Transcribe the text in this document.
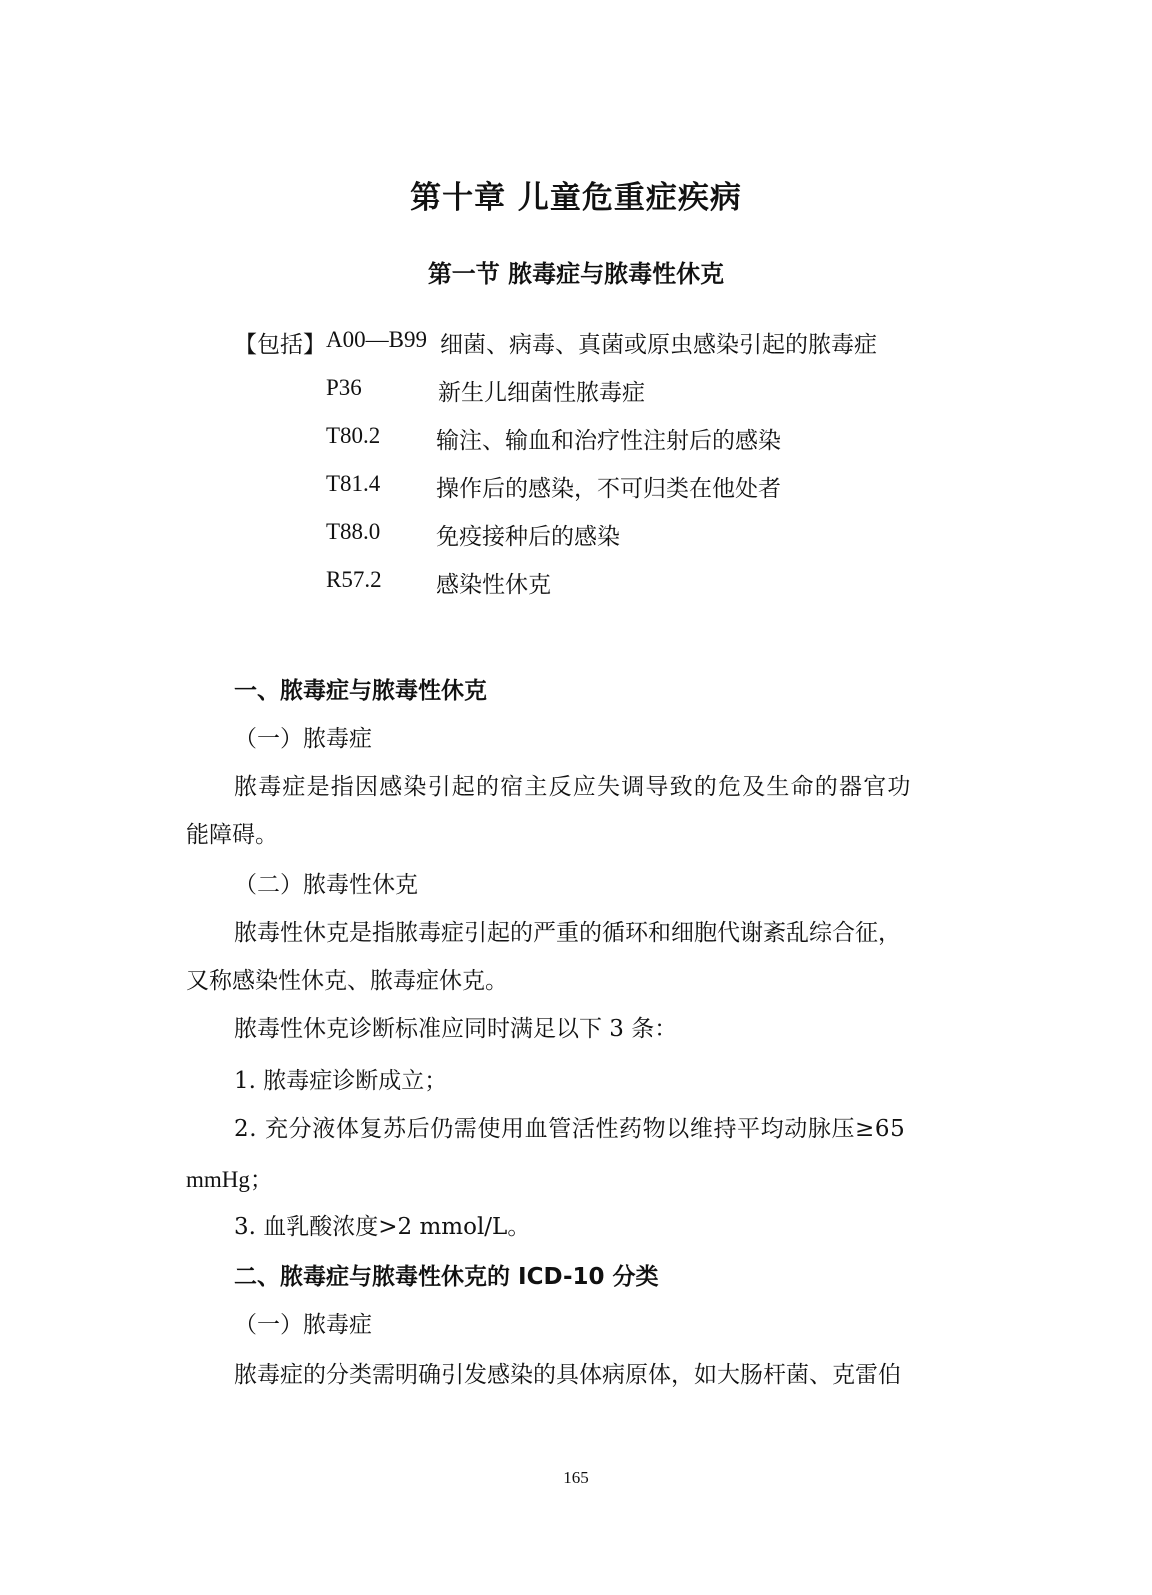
第十章 儿童危重症疾病
第一节 脓毒症与脓毒性休克
【包括】 A00—B99 细菌、病毒、真菌或原虫感染引起的脓毒症
P36	新生儿细菌性脓毒症
T80.2 输注、输血和治疗性注射后的感染
T81.4 操作后的感染，不可归类在他处者
T88.0 免疫接种后的感染
R57.2 感染性休克
一、脓毒症与脓毒性休克
（一）脓毒症
脓毒症是指因感染引起的宿主反应失调导致的危及生命的器官功
能障碍。
（二）脓毒性休克
脓毒性休克是指脓毒症引起的严重的循环和细胞代谢紊乱综合征，
又称感染性休克、脓毒症休克。
脓毒性休克诊断标准应同时满足以下 3 条：
1. 脓毒症诊断成立；
2. 充分液体复苏后仍需使用血管活性药物以维持平均动脉压≥65
mmHg；
3. 血乳酸浓度>2 mmol/L。
二、脓毒症与脓毒性休克的 ICD-10 分类
（一）脓毒症
脓毒症的分类需明确引发感染的具体病原体，如大肠杆菌、克雷伯
165
